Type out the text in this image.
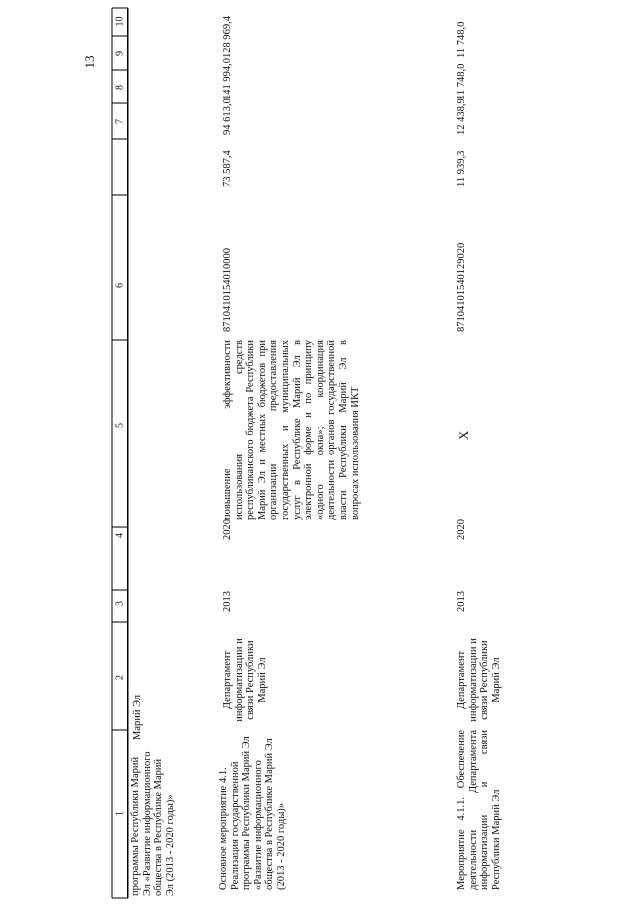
13
10
9
8
7
6
5
4
3
2
1 программы Республики Марий Эл «Развитие информационного общества в Республике Марий Эл (2013 - 2020 годы)»
Марий Эл
Основное мероприятие 4.1. Реализация государственной программы Республики Марий Эл «Развитие информационного общества в Республике Марий Эл (2013 - 2020 годы)»
Департамент информатизации и связи Республики Марий Эл
2013
2020
повышение эффективности использования средств республиканского бюджета Республики Марий Эл и местных бюджетов при организации предоставления государственных и муниципальных услуг в Республике Марий Эл в электронной форме и по принципу «одного окна»; координация деятельности органов государственной власти Республики Марий Эл в вопросах использования ИКТ
8710410154010000
73 587,4
94 613,0
141 994,0
128 969,4
Мероприятие 4.1.1. Обеспечение деятельности Департамента информатизации и связи Республики Марий Эл
Департамент информатизации и связи Республики Марий Эл
2013
2020
Х
87104101540129020
11 939,3
12 438,9
11 748,0
11 748,0
